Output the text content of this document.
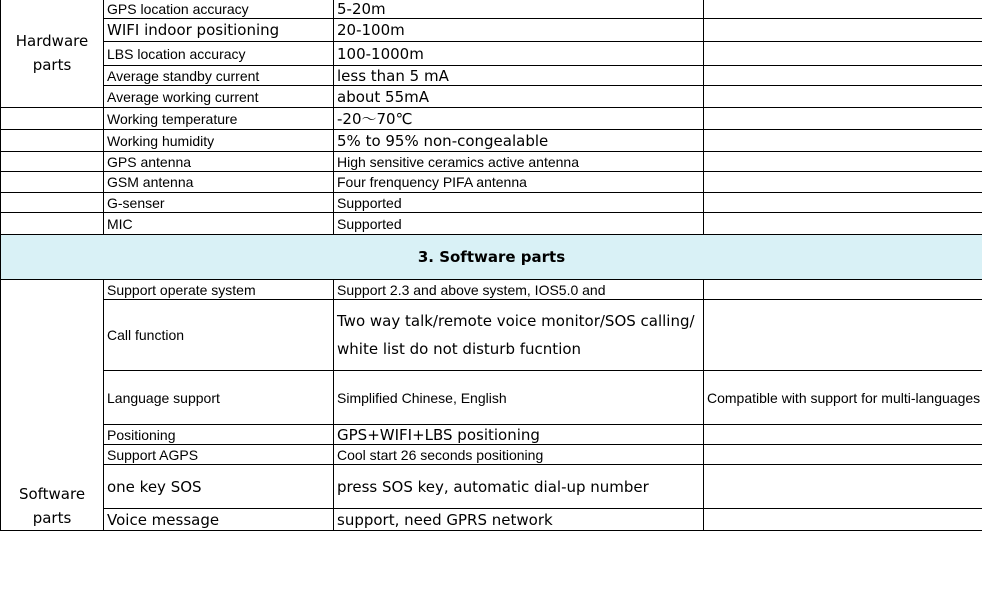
Hardware parts	GPS location accuracy	5-20m	
	WIFI indoor positioning	20-100m	
	LBS location accuracy	100-1000m	
	Average standby current	less than 5 mA	
	Average working current	about 55mA	
	Working temperature	-20～70℃	
	Working humidity	5% to 95% non-congealable	
	GPS antenna	High sensitive ceramics active antenna	
	GSM antenna	Four frenquency PIFA antenna	
	G-senser	Supported	
	MIC	Supported	
3. Software parts			

Software parts	Support operate system	Support 2.3 and above system, IOS5.0 and	
	Call function	Two way talk/remote voice monitor/SOS calling/ white list do not disturb fucntion	
	Language support	Simplified Chinese, English	Compatible with support for multi-languages
	Positioning	GPS+WIFI+LBS positioning	
	Support AGPS	Cool start 26 seconds positioning	
	one key SOS	press SOS key, automatic dial-up number	
	Voice message	support, need GPRS network	
